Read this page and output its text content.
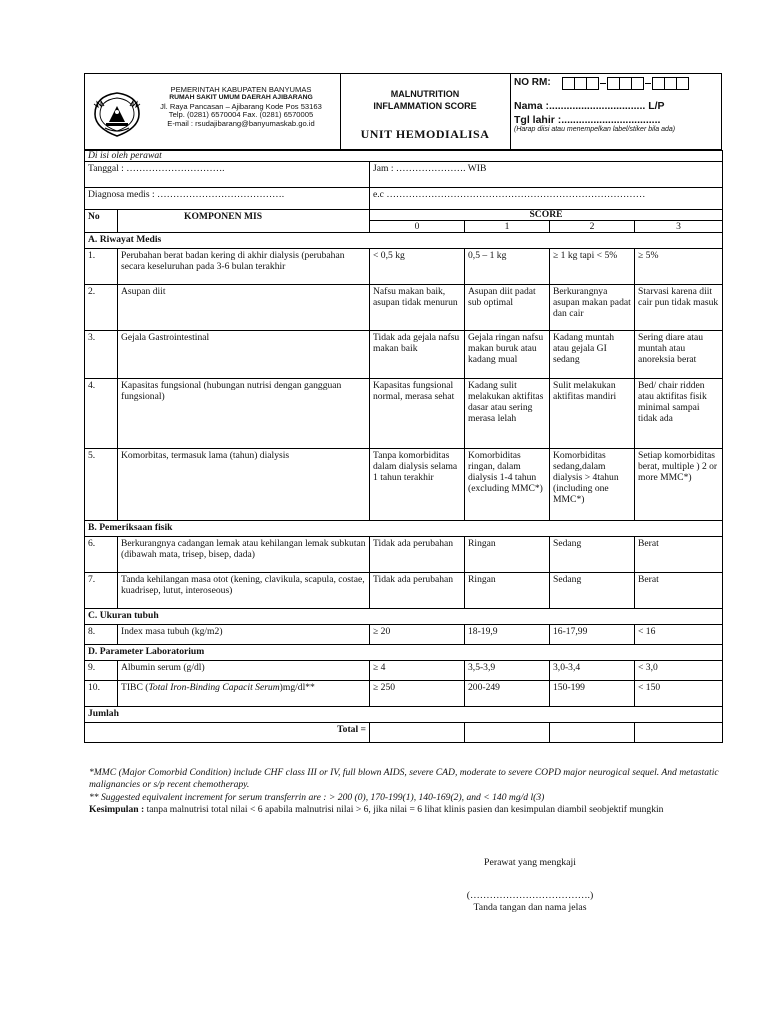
PEMERINTAH KABUPATEN BANYUMAS
RUMAH SAKIT UMUM DAERAH AJIBARANG
Jl. Raya Pancasan – Ajibarang Kode Pos 53163
Telp. (0281) 6570004 Fax. (0281) 6570005
E-mail : rsudajibarang@banyumaskab.go.id
MALNUTRITION
INFLAMMATION SCORE
UNIT HEMODIALISA
NO RM:
Nama :................................. L/P
Tgl lahir :..................................
(Harap diisi atau menempelkan label/stiker bila ada)
Di isi oleh perawat					
Tanggal : ………………………….		Jam : …………………. WIB			
Diagnosa medis : ………………………………….		e.c ………………………………………………………………………			
No	KOMPONEN MIS	SCORE			
		0	1	2	3
A. Riwayat Medis					
1.	Perubahan berat badan kering di akhir dialysis (perubahan secara keseluruhan pada 3-6 bulan terakhir	< 0,5 kg	0,5 – 1 kg	≥ 1 kg tapi < 5%	≥ 5%
2.	Asupan diit	Nafsu makan baik, asupan tidak menurun	Asupan diit padat sub optimal	Berkurangnya asupan makan padat dan cair	Starvasi karena diit cair pun tidak masuk
3.	Gejala Gastrointestinal	Tidak ada gejala nafsu makan baik	Gejala ringan nafsu makan buruk atau kadang mual	Kadang muntah atau gejala GI sedang	Sering diare atau muntah atau anoreksia berat
4.	Kapasitas fungsional (hubungan nutrisi dengan gangguan fungsional)	Kapasitas fungsional normal, merasa sehat	Kadang sulit melakukan aktifitas dasar atau sering merasa lelah	Sulit melakukan aktifitas mandiri	Bed/ chair ridden atau aktifitas fisik minimal sampai tidak ada
5.	Komorbitas, termasuk lama (tahun) dialysis	Tanpa komorbiditas dalam dialysis selama 1 tahun terakhir	Komorbiditas ringan, dalam dialysis 1-4 tahun (excluding MMC*)	Komorbiditas sedang,dalam dialysis > 4tahun (including one MMC*)	Setiap komorbiditas berat, multiple ) 2 or more MMC*)
B. Pemeriksaan fisik					
6.	Berkurangnya cadangan lemak atau kehilangan lemak subkutan (dibawah mata, trisep, bisep, dada)	Tidak ada perubahan	Ringan	Sedang	Berat
7.	Tanda kehilangan masa otot (kening, clavikula, scapula, costae, kuadrisep, lutut, interoseous)	Tidak ada perubahan	Ringan	Sedang	Berat
C. Ukuran tubuh					
8.	Index masa tubuh (kg/m2)	≥ 20	18-19,9	16-17,99	< 16
D. Parameter Laboratorium					
9.	Albumin serum (g/dl)	≥ 4	3,5-3,9	3,0-3,4	< 3,0
10.	TIBC (Total Iron-Binding Capacit Serum)mg/dl**	≥ 250	200-249	150-199	< 150
Jumlah					
Total =					
*MMC (Major Comorbid Condition) include CHF class III or IV, full blown AIDS, severe CAD, moderate to severe COPD major neurogical sequel. And metastatic malignancies or s/p recent chemotherapy.
** Suggested equivalent increment for serum transferrin are : > 200 (0), 170-199(1), 140-169(2), and < 140 mg/d l(3)
Kesimpulan : tanpa malnutrisi total nilai < 6 apabila malnutrisi nilai > 6, jika nilai = 6 lihat klinis pasien dan kesimpulan diambil seobjektif mungkin
Perawat yang mengkaji
(……………………………….)
Tanda tangan dan nama jelas
